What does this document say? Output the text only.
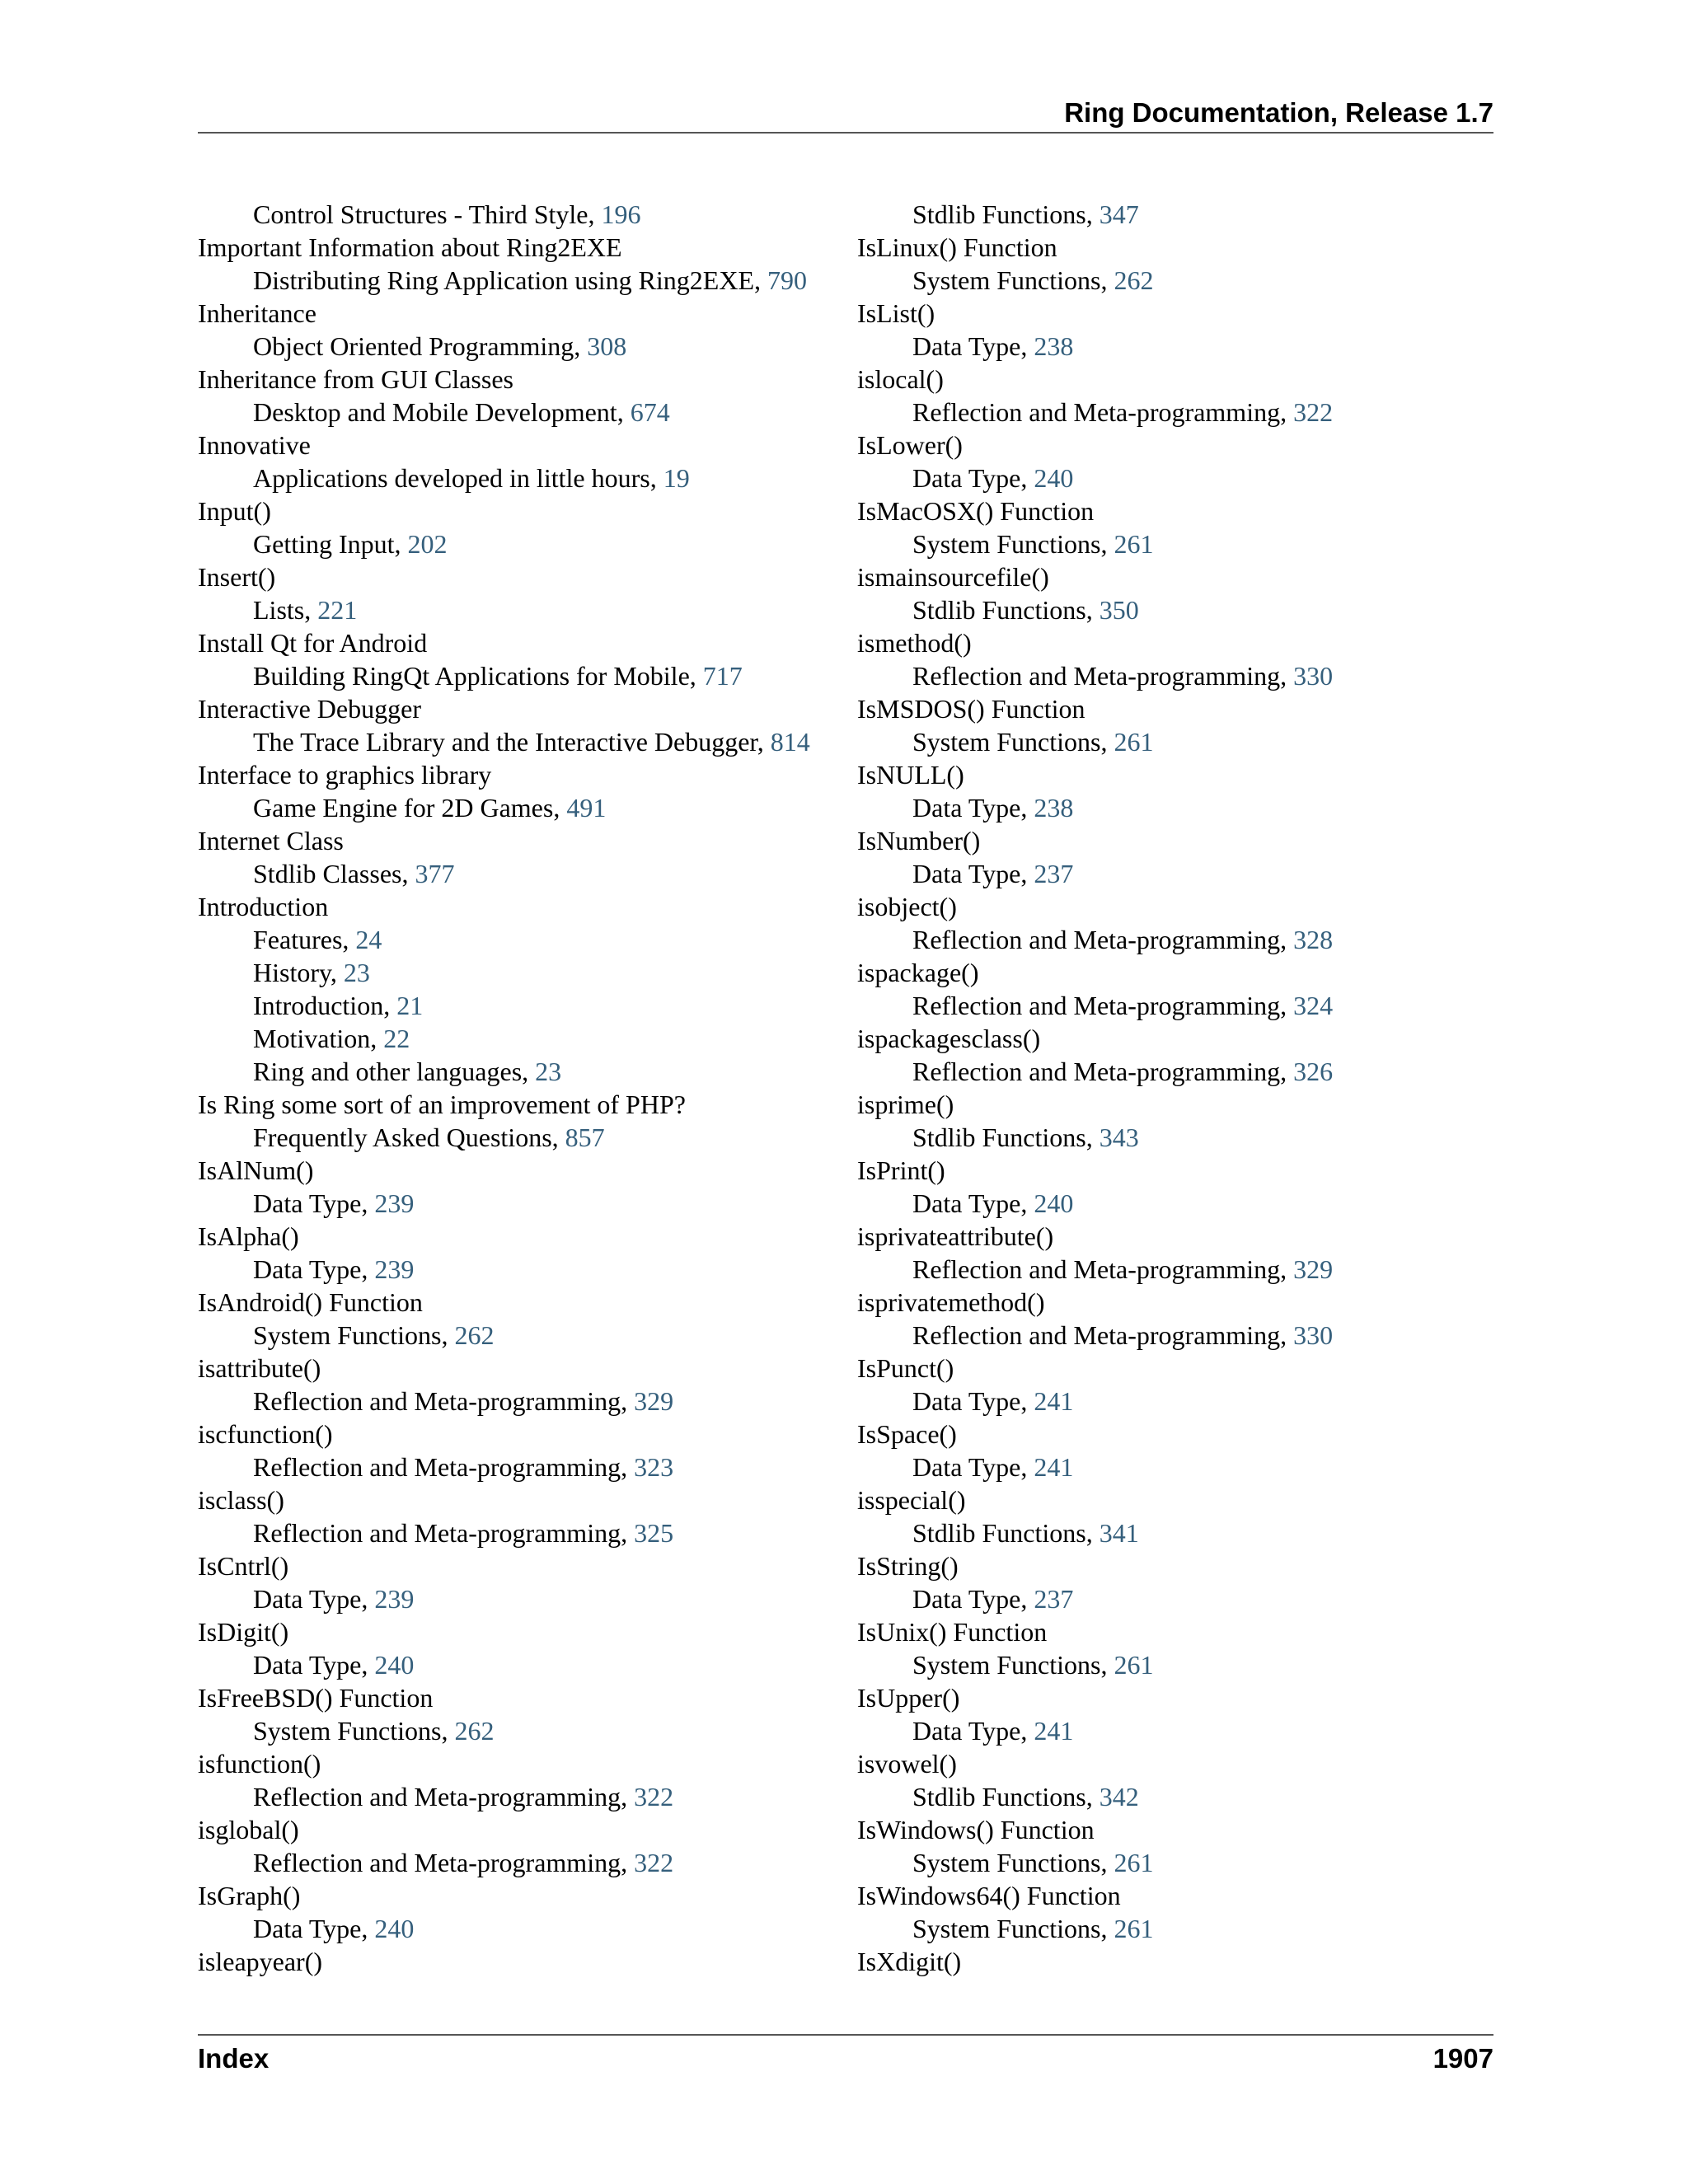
Ring Documentation, Release 1.7
Control Structures - Third Style, 196
Important Information about Ring2EXE
Distributing Ring Application using Ring2EXE, 790
Inheritance
Object Oriented Programming, 308
Inheritance from GUI Classes
Desktop and Mobile Development, 674
Innovative
Applications developed in little hours, 19
Input()
Getting Input, 202
Insert()
Lists, 221
Install Qt for Android
Building RingQt Applications for Mobile, 717
Interactive Debugger
The Trace Library and the Interactive Debugger, 814
Interface to graphics library
Game Engine for 2D Games, 491
Internet Class
Stdlib Classes, 377
Introduction
Features, 24
History, 23
Introduction, 21
Motivation, 22
Ring and other languages, 23
Is Ring some sort of an improvement of PHP?
Frequently Asked Questions, 857
IsAlNum()
Data Type, 239
IsAlpha()
Data Type, 239
IsAndroid() Function
System Functions, 262
isattribute()
Reflection and Meta-programming, 329
iscfunction()
Reflection and Meta-programming, 323
isclass()
Reflection and Meta-programming, 325
IsCntrl()
Data Type, 239
IsDigit()
Data Type, 240
IsFreeBSD() Function
System Functions, 262
isfunction()
Reflection and Meta-programming, 322
isglobal()
Reflection and Meta-programming, 322
IsGraph()
Data Type, 240
isleapyear()
Stdlib Functions, 347
IsLinux() Function
System Functions, 262
IsList()
Data Type, 238
islocal()
Reflection and Meta-programming, 322
IsLower()
Data Type, 240
IsMacOSX() Function
System Functions, 261
ismainsourcefile()
Stdlib Functions, 350
ismethod()
Reflection and Meta-programming, 330
IsMSDOS() Function
System Functions, 261
IsNULL()
Data Type, 238
IsNumber()
Data Type, 237
isobject()
Reflection and Meta-programming, 328
ispackage()
Reflection and Meta-programming, 324
ispackagesclass()
Reflection and Meta-programming, 326
isprime()
Stdlib Functions, 343
IsPrint()
Data Type, 240
isprivateattribute()
Reflection and Meta-programming, 329
isprivatemethod()
Reflection and Meta-programming, 330
IsPunct()
Data Type, 241
IsSpace()
Data Type, 241
isspecial()
Stdlib Functions, 341
IsString()
Data Type, 237
IsUnix() Function
System Functions, 261
IsUpper()
Data Type, 241
isvowel()
Stdlib Functions, 342
IsWindows() Function
System Functions, 261
IsWindows64() Function
System Functions, 261
IsXdigit()
Index	1907
